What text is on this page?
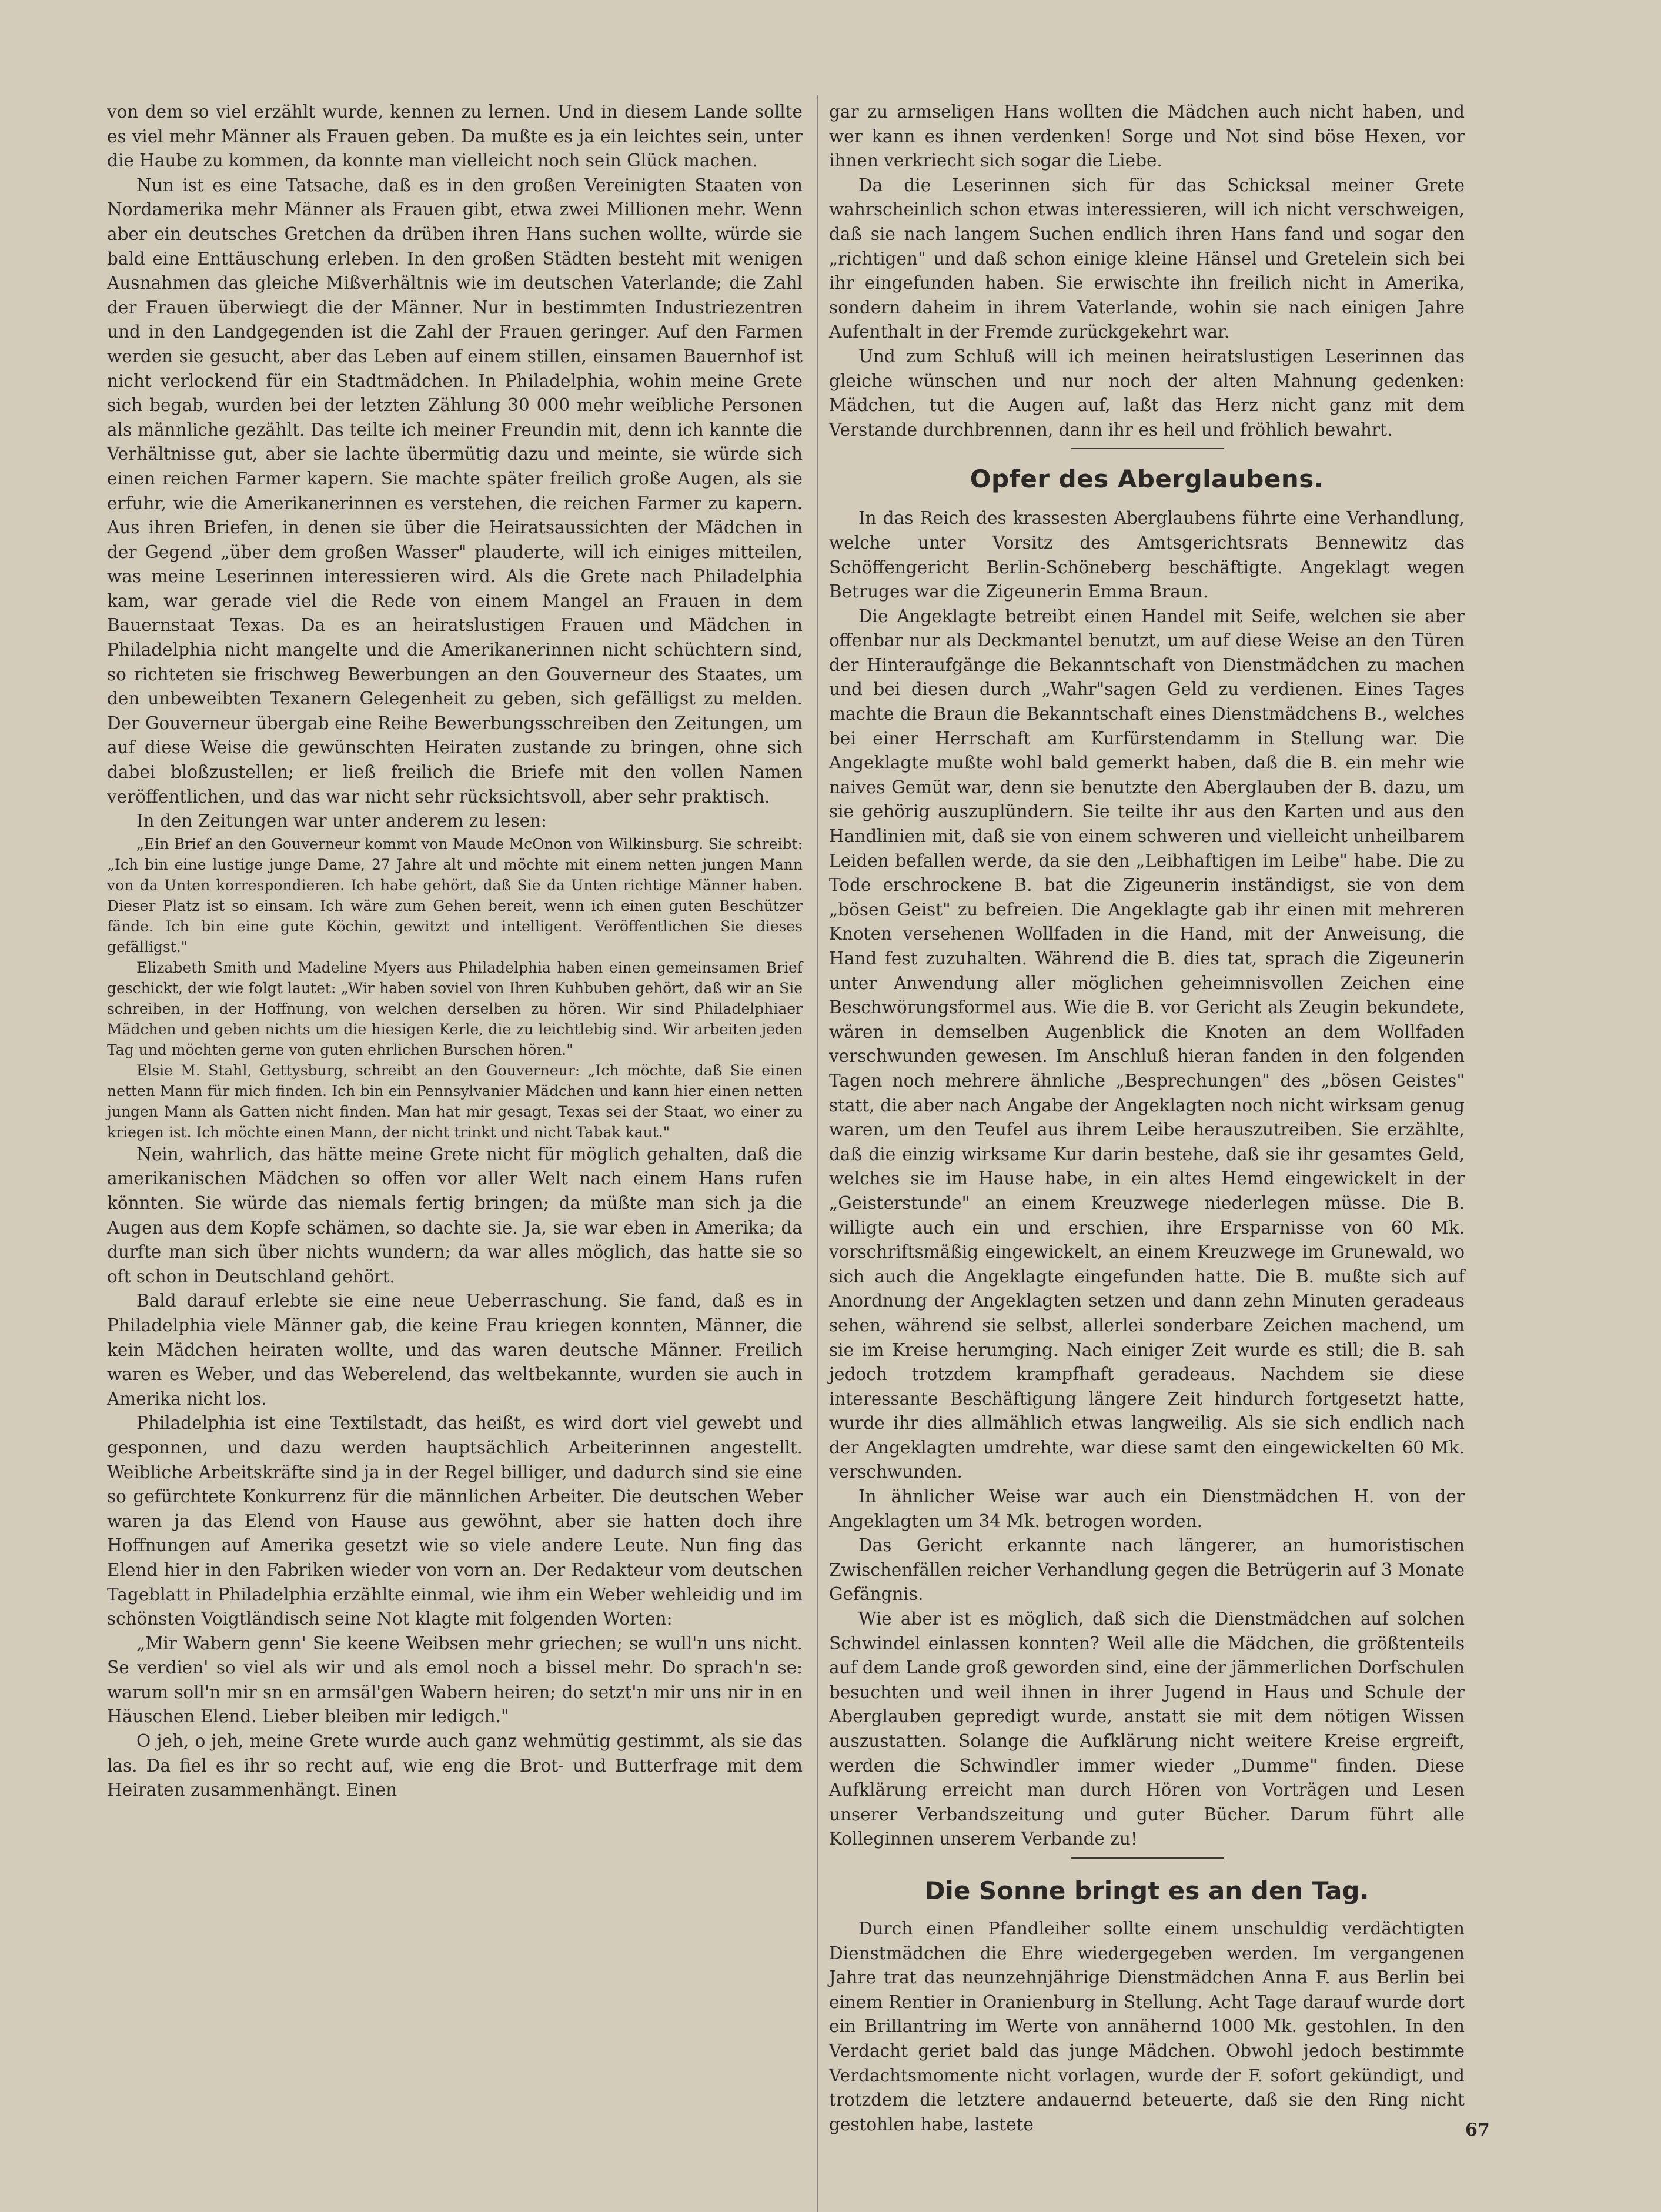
von dem so viel erzählt wurde, kennen zu lernen. Und in diesem Lande sollte es viel mehr Männer als Frauen geben. Da mußte es ja ein leichtes sein, unter die Haube zu kommen, da konnte man vielleicht noch sein Glück machen.

Nun ist es eine Tatsache, daß es in den großen Vereinigten Staaten von Nordamerika mehr Männer als Frauen gibt, etwa zwei Millionen mehr. Wenn aber ein deutsches Gretchen da drüben ihren Hans suchen wollte, würde sie bald eine Enttäuschung erleben. In den großen Städten besteht mit wenigen Ausnahmen das gleiche Mißverhältnis wie im deutschen Vaterlande; die Zahl der Frauen überwiegt die der Männer. Nur in bestimmten Industriezentren und in den Landgegenden ist die Zahl der Frauen geringer. Auf den Farmen werden sie gesucht, aber das Leben auf einem stillen, einsamen Bauernhof ist nicht verlockend für ein Stadtmädchen. In Philadelphia, wohin meine Grete sich begab, wurden bei der letzten Zählung 30 000 mehr weibliche Personen als männliche gezählt. Das teilte ich meiner Freundin mit, denn ich kannte die Verhältnisse gut, aber sie lachte übermütig dazu und meinte, sie würde sich einen reichen Farmer kapern. Sie machte später freilich große Augen, als sie erfuhr, wie die Amerikanerinnen es verstehen, die reichen Farmer zu kapern. Aus ihren Briefen, in denen sie über die Heiratsaussichten der Mädchen in der Gegend „über dem großen Wasser" plauderte, will ich einiges mitteilen, was meine Leserinnen interessieren wird. Als die Grete nach Philadelphia kam, war gerade viel die Rede von einem Mangel an Frauen in dem Bauernstaat Texas. Da es an heiratslustigen Frauen und Mädchen in Philadelphia nicht mangelte und die Amerikanerinnen nicht schüchtern sind, so richteten sie frischweg Bewerbungen an den Gouverneur des Staates, um den unbeweibten Texanern Gelegenheit zu geben, sich gefälligst zu melden. Der Gouverneur übergab eine Reihe Bewerbungsschreiben den Zeitungen, um auf diese Weise die gewünschten Heiraten zustande zu bringen, ohne sich dabei bloßzustellen; er ließ freilich die Briefe mit den vollen Namen veröffentlichen, und das war nicht sehr rücksichtsvoll, aber sehr praktisch.

In den Zeitungen war unter anderem zu lesen:

„Ein Brief an den Gouverneur kommt von Maude McOnon von Wilkinsburg. Sie schreibt: „Ich bin eine lustige junge Dame, 27 Jahre alt und möchte mit einem netten jungen Mann von da Unten korrespondieren. Ich habe gehört, daß Sie da Unten richtige Männer haben. Dieser Platz ist so einsam. Ich wäre zum Gehen bereit, wenn ich einen guten Beschützer fände. Ich bin eine gute Köchin, gewitzt und intelligent. Veröffentlichen Sie dieses gefälligst."

Elizabeth Smith und Madeline Myers aus Philadelphia haben einen gemeinsamen Brief geschickt, der wie folgt lautet: „Wir haben soviel von Ihren Kuhbuben gehört, daß wir an Sie schreiben, in der Hoffnung, von welchen derselben zu hören. Wir sind Philadelphiaer Mädchen und geben nichts um die hiesigen Kerle, die zu leichtlebig sind. Wir arbeiten jeden Tag und möchten gerne von guten ehrlichen Burschen hören."

Elsie M. Stahl, Gettysburg, schreibt an den Gouverneur: „Ich möchte, daß Sie einen netten Mann für mich finden. Ich bin ein Pennsylvanier Mädchen und kann hier einen netten jungen Mann als Gatten nicht finden. Man hat mir gesagt, Texas sei der Staat, wo einer zu kriegen ist. Ich möchte einen Mann, der nicht trinkt und nicht Tabak kaut."

Nein, wahrlich, das hätte meine Grete nicht für möglich gehalten, daß die amerikanischen Mädchen so offen vor aller Welt nach einem Hans rufen könnten. Sie würde das niemals fertig bringen; da müßte man sich ja die Augen aus dem Kopfe schämen, so dachte sie. Ja, sie war eben in Amerika; da durfte man sich über nichts wundern; da war alles möglich, das hatte sie so oft schon in Deutschland gehört.

Bald darauf erlebte sie eine neue Ueberraschung. Sie fand, daß es in Philadelphia viele Männer gab, die keine Frau kriegen konnten, Männer, die kein Mädchen heiraten wollte, und das waren deutsche Männer. Freilich waren es Weber, und das Weberelend, das weltbekannte, wurden sie auch in Amerika nicht los.

Philadelphia ist eine Textilstadt, das heißt, es wird dort viel gewebt und gesponnen, und dazu werden hauptsächlich Arbeiterinnen angestellt. Weibliche Arbeitskräfte sind ja in der Regel billiger, und dadurch sind sie eine so gefürchtete Konkurrenz für die männlichen Arbeiter. Die deutschen Weber waren ja das Elend von Hause aus gewöhnt, aber sie hatten doch ihre Hoffnungen auf Amerika gesetzt wie so viele andere Leute. Nun fing das Elend hier in den Fabriken wieder von vorn an. Der Redakteur vom deutschen Tageblatt in Philadelphia erzählte einmal, wie ihm ein Weber wehleidig und im schönsten Voigtländisch seine Not klagte mit folgenden Worten:

„Mir Wabern genn' Sie keene Weibsen mehr griechen; se wull'n uns nicht. Se verdien' so viel als wir und als emol noch a bissel mehr. Do sprach'n se: warum soll'n mir sn en armsäl'gen Wabern heiren; do setzt'n mir uns nir in en Häuschen Elend. Lieber bleiben mir ledigch."

O jeh, o jeh, meine Grete wurde auch ganz wehmütig gestimmt, als sie das las. Da fiel es ihr so recht auf, wie eng die Brot- und Butterfrage mit dem Heiraten zusammenhängt. Einen

gar zu armseligen Hans wollten die Mädchen auch nicht haben, und wer kann es ihnen verdenken! Sorge und Not sind böse Hexen, vor ihnen verkriecht sich sogar die Liebe.

Da die Leserinnen sich für das Schicksal meiner Grete wahrscheinlich schon etwas interessieren, will ich nicht verschweigen, daß sie nach langem Suchen endlich ihren Hans fand und sogar den „richtigen" und daß schon einige kleine Hänsel und Gretelein sich bei ihr eingefunden haben. Sie erwischte ihn freilich nicht in Amerika, sondern daheim in ihrem Vaterlande, wohin sie nach einigen Jahre Aufenthalt in der Fremde zurückgekehrt war.

Und zum Schluß will ich meinen heiratslustigen Leserinnen das gleiche wünschen und nur noch der alten Mahnung gedenken: Mädchen, tut die Augen auf, laßt das Herz nicht ganz mit dem Verstande durchbrennen, dann ihr es heil und fröhlich bewahrt.

Opfer des Aberglaubens.

In das Reich des krassesten Aberglaubens führte eine Verhandlung, welche unter Vorsitz des Amtsgerichtsrats Bennewitz das Schöffengericht Berlin-Schöneberg beschäftigte. Angeklagt wegen Betruges war die Zigeunerin Emma Braun.

Die Angeklagte betreibt einen Handel mit Seife, welchen sie aber offenbar nur als Deckmantel benutzt, um auf diese Weise an den Türen der Hinteraufgänge die Bekanntschaft von Dienstmädchen zu machen und bei diesen durch „Wahr"sagen Geld zu verdienen. Eines Tages machte die Braun die Bekanntschaft eines Dienstmädchens B., welches bei einer Herrschaft am Kurfürstendamm in Stellung war. Die Angeklagte mußte wohl bald gemerkt haben, daß die B. ein mehr wie naives Gemüt war, denn sie benutzte den Aberglauben der B. dazu, um sie gehörig auszuplündern. Sie teilte ihr aus den Karten und aus den Handlinien mit, daß sie von einem schweren und vielleicht unheilbarem Leiden befallen werde, da sie den „Leibhaftigen im Leibe" habe. Die zu Tode erschrockene B. bat die Zigeunerin inständigst, sie von dem „bösen Geist" zu befreien. Die Angeklagte gab ihr einen mit mehreren Knoten versehenen Wollfaden in die Hand, mit der Anweisung, die Hand fest zuzuhalten. Während die B. dies tat, sprach die Zigeunerin unter Anwendung aller möglichen geheimnisvollen Zeichen eine Beschwörungsformel aus. Wie die B. vor Gericht als Zeugin bekundete, wären in demselben Augenblick die Knoten an dem Wollfaden verschwunden gewesen. Im Anschluß hieran fanden in den folgenden Tagen noch mehrere ähnliche „Besprechungen" des „bösen Geistes" statt, die aber nach Angabe der Angeklagten noch nicht wirksam genug waren, um den Teufel aus ihrem Leibe herauszutreiben. Sie erzählte, daß die einzig wirksame Kur darin bestehe, daß sie ihr gesamtes Geld, welches sie im Hause habe, in ein altes Hemd eingewickelt in der „Geisterstunde" an einem Kreuzwege niederlegen müsse. Die B. willigte auch ein und erschien, ihre Ersparnisse von 60 Mk. vorschriftsmäßig eingewickelt, an einem Kreuzwege im Grunewald, wo sich auch die Angeklagte eingefunden hatte. Die B. mußte sich auf Anordnung der Angeklagten setzen und dann zehn Minuten geradeaus sehen, während sie selbst, allerlei sonderbare Zeichen machend, um sie im Kreise herumging. Nach einiger Zeit wurde es still; die B. sah jedoch trotzdem krampfhaft geradeaus. Nachdem sie diese interessante Beschäftigung längere Zeit hindurch fortgesetzt hatte, wurde ihr dies allmählich etwas langweilig. Als sie sich endlich nach der Angeklagten umdrehte, war diese samt den eingewickelten 60 Mk. verschwunden.

In ähnlicher Weise war auch ein Dienstmädchen H. von der Angeklagten um 34 Mk. betrogen worden.

Das Gericht erkannte nach längerer, an humoristischen Zwischenfällen reicher Verhandlung gegen die Betrügerin auf 3 Monate Gefängnis.

Wie aber ist es möglich, daß sich die Dienstmädchen auf solchen Schwindel einlassen konnten? Weil alle die Mädchen, die größtenteils auf dem Lande groß geworden sind, eine der jämmerlichen Dorfschulen besuchten und weil ihnen in ihrer Jugend in Haus und Schule der Aberglauben gepredigt wurde, anstatt sie mit dem nötigen Wissen auszustatten. Solange die Aufklärung nicht weitere Kreise ergreift, werden die Schwindler immer wieder „Dumme" finden. Diese Aufklärung erreicht man durch Hören von Vorträgen und Lesen unserer Verbandszeitung und guter Bücher. Darum führt alle Kolleginnen unserem Verbande zu!

Die Sonne bringt es an den Tag.

Durch einen Pfandleiher sollte einem unschuldig verdächtigten Dienstmädchen die Ehre wiedergegeben werden. Im vergangenen Jahre trat das neunzehnjährige Dienstmädchen Anna F. aus Berlin bei einem Rentier in Oranienburg in Stellung. Acht Tage darauf wurde dort ein Brillantring im Werte von annähernd 1000 Mk. gestohlen. In den Verdacht geriet bald das junge Mädchen. Obwohl jedoch bestimmte Verdachtsmomente nicht vorlagen, wurde der F. sofort gekündigt, und trotzdem die letztere andauernd beteuerte, daß sie den Ring nicht gestohlen habe, lastete	67
